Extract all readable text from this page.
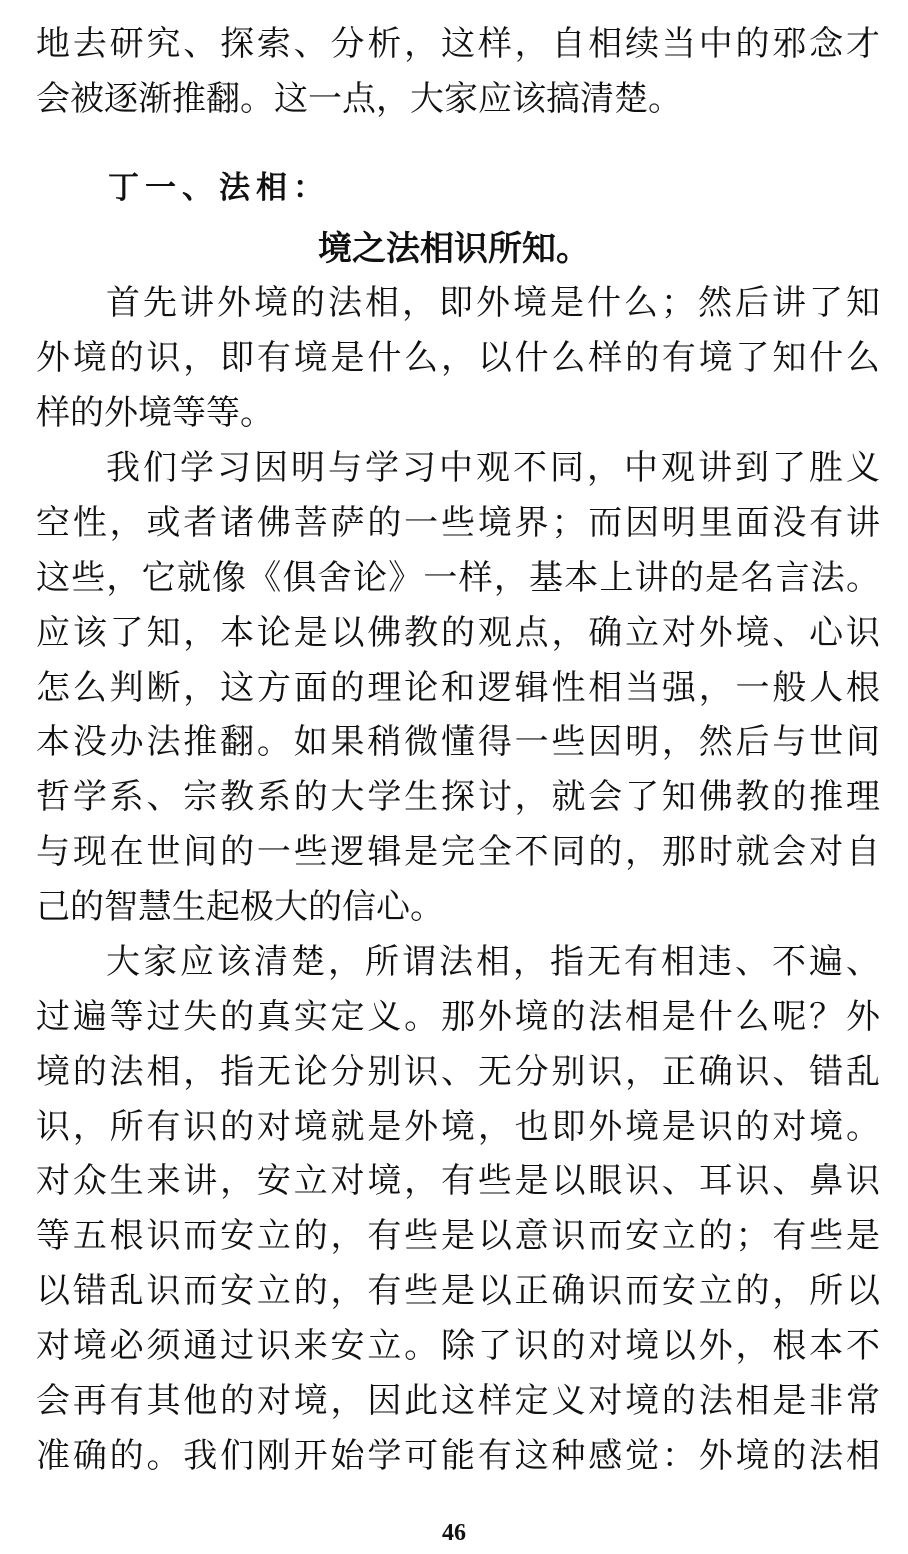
地去研究、探索、分析，这样，自相续当中的邪念才
会被逐渐推翻。这一点，大家应该搞清楚。
丁一、法相：
境之法相识所知。
首先讲外境的法相，即外境是什么；然后讲了知
外境的识，即有境是什么，以什么样的有境了知什么
样的外境等等。
我们学习因明与学习中观不同，中观讲到了胜义
空性，或者诸佛菩萨的一些境界；而因明里面没有讲
这些，它就像《俱舍论》一样，基本上讲的是名言法。
应该了知，本论是以佛教的观点，确立对外境、心识
怎么判断，这方面的理论和逻辑性相当强，一般人根
本没办法推翻。如果稍微懂得一些因明，然后与世间
哲学系、宗教系的大学生探讨，就会了知佛教的推理
与现在世间的一些逻辑是完全不同的，那时就会对自
己的智慧生起极大的信心。
大家应该清楚，所谓法相，指无有相违、不遍、
过遍等过失的真实定义。那外境的法相是什么呢？外
境的法相，指无论分别识、无分别识，正确识、错乱
识，所有识的对境就是外境，也即外境是识的对境。
对众生来讲，安立对境，有些是以眼识、耳识、鼻识
等五根识而安立的，有些是以意识而安立的；有些是
以错乱识而安立的，有些是以正确识而安立的，所以
对境必须通过识来安立。除了识的对境以外，根本不
会再有其他的对境，因此这样定义对境的法相是非常
准确的。我们刚开始学可能有这种感觉：外境的法相
46
